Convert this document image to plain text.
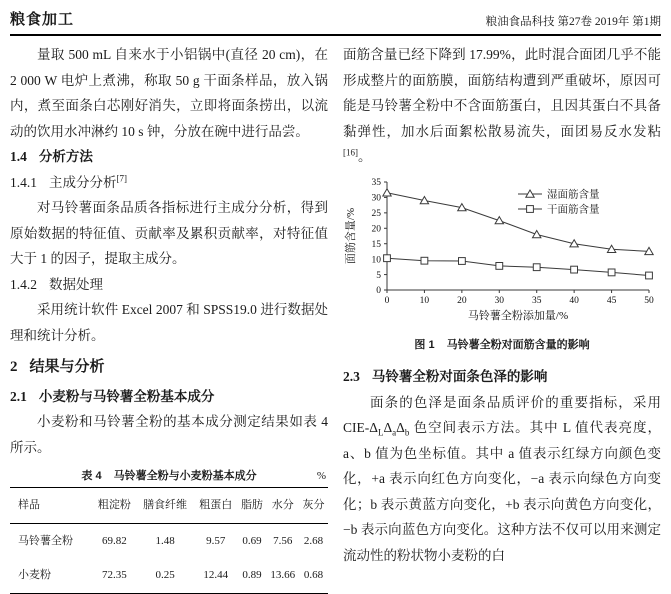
粮食加工	粮油食品科技 第27卷 2019年 第1期

量取 500 mL 自来水于小铝锅中(直径 20 cm)，在 2 000 W 电炉上煮沸，称取 50 g 干面条样品，放入锅内，煮至面条白芯刚好消失，立即将面条捞出，以流动的饮用水冲淋约 10 s 钟，分放在碗中进行品尝。

1.4 分析方法
1.4.1 主成分分析[7]

对马铃薯面条品质各指标进行主成分分析，得到原始数据的特征值、贡献率及累积贡献率，对特征值大于 1 的因子，提取主成分。

1.4.2 数据处理

采用统计软件 Excel 2007 和 SPSS19.0 进行数据处理和统计分析。

2 结果与分析
2.1 小麦粉与马铃薯全粉基本成分

小麦粉和马铃薯全粉的基本成分测定结果如表 4 所示。

表 4 马铃薯全粉与小麦粉基本成分	%
样品	粗淀粉	膳食纤维	粗蛋白	脂肪	水分	灰分
马铃薯全粉	69.82	1.48	9.57	0.69	7.56	2.68
小麦粉	72.35	0.25	12.44	0.89	13.66	0.68

面筋含量已经下降到 17.99%，此时混合面团几乎不能形成整片的面筋膜，面筋结构遭到严重破坏，原因可能是马铃薯全粉中不含面筋蛋白，且因其蛋白不具备黏弹性，加水后面絮松散易流失，面团易反水发粘[16]。

0
5
10
15
20
25
30
35
0	10	20	30	35	40	45	50
马铃薯全粉添加量/%
面筋含量/%
湿面筋含量
干面筋含量
图 1 马铃薯全粉对面筋含量的影响
2.3 马铃薯全粉对面条色泽的影响

面条的色泽是面条品质评价的重要指标，采用 CIE-$\Delta_L\Delta_a\Delta_b$ 色空间表示方法。其中 L 值代表亮度，a、b 值为色坐标值。其中 a 值表示红绿方向颜色变化，+a 表示向红色方向变化，−a 表示向绿色方向变化；b 表示黄蓝方向变化，+b 表示向黄色方向变化，−b 表示向蓝色方向变化。这种方法不仅可以用来测定流动性的粉状物小麦粉的白
